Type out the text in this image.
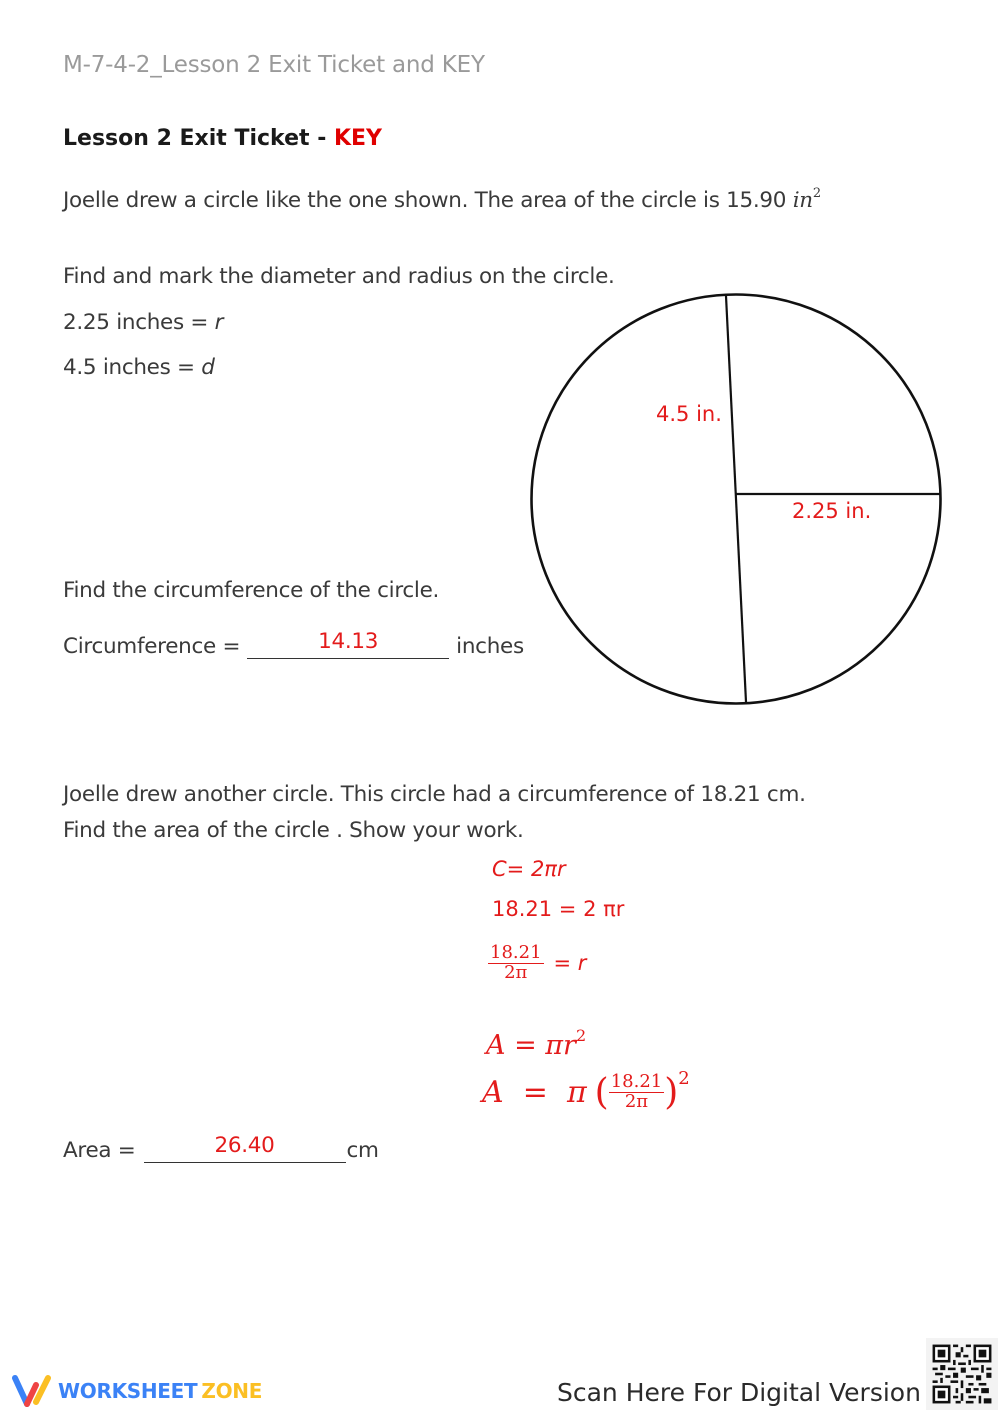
M-7-4-2_Lesson 2 Exit Ticket and KEY
Lesson 2 Exit Ticket - KEY
Joelle drew a circle like the one shown. The area of the circle is 15.90 $in^2$
Find and mark the diameter and radius on the circle.
2.25 inches = r
4.5 inches = d
4.5 in.
2.25 in.
Find the circumference of the circle.
Circumference =	14.13	inches
Joelle drew another circle. This circle had a circumference of 18.21 cm.
Find the area of the circle . Show your work.
C= 2πr
18.21 = 2 πr
$\frac{18.21}{2\pi} = r$
$A = \pi r^2$
A  =  π ( $\frac{18.21}{2\pi}$ ) 2
Area =	26.40	cm
WORKSHEET ZONE	Scan Here For Digital Version
